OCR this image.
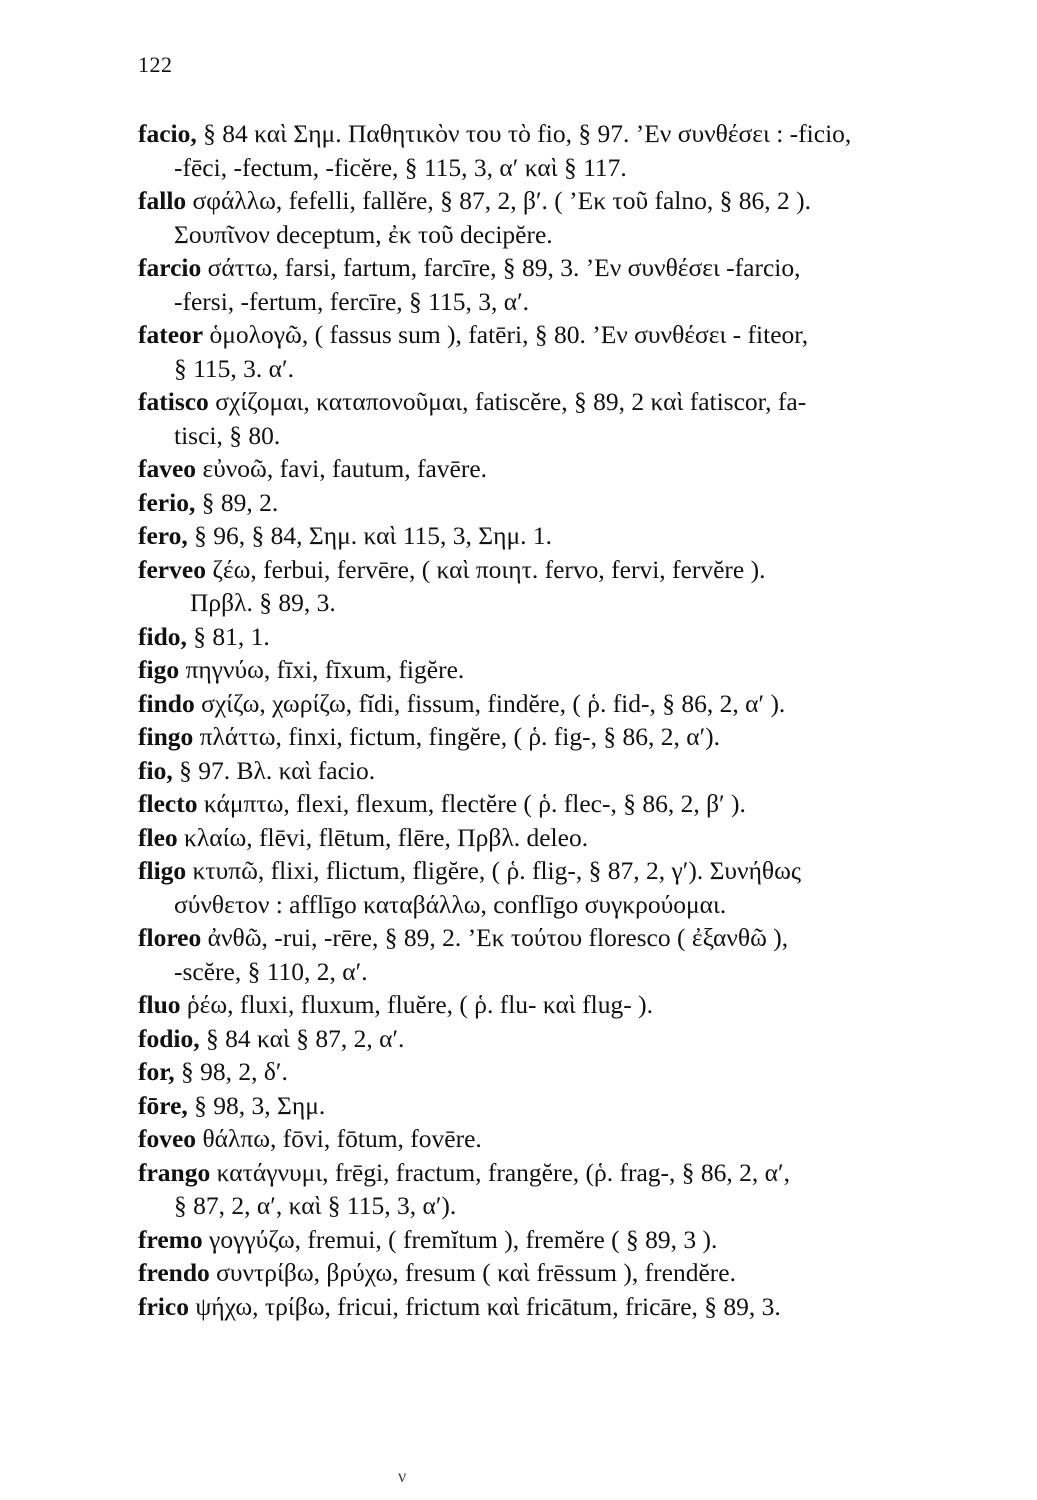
122
facio, § 84 καὶ Σημ. Παθητικὸν του τὸ fio, § 97. ’Εν συνθέσει : -ficio,
-fēci, -fectum, -ficĕre, § 115, 3, α′ καὶ § 117.
fallo σφάλλω, fefelli, fallĕre, § 87, 2, β′. ( ’Εκ τοῦ falno, § 86, 2 ).
Σουπῖνον deceptum, ἐκ τοῦ decipĕre.
farcio σάττω, farsi, fartum, farcīre, § 89, 3. ’Εν συνθέσει -farcio,
-fersi, -fertum, fercīre, § 115, 3, α′.
fateor ὁμολογῶ, ( fassus sum ), fatēri, § 80. ’Εν συνθέσει - fiteor,
§ 115, 3. α′.
fatisco σχίζομαι, καταπονοῦμαι, fatiscĕre, § 89, 2 καὶ fatiscor, fa-
tisci, § 80.
faveo εὐνοῶ, favi, fautum, favēre.
ferio, § 89, 2.
fero, § 96, § 84, Σημ. καὶ 115, 3, Σημ. 1.
ferveo ζέω, ferbui, fervēre, ( καὶ ποιητ. fervo, fervi, fervĕre ).
Πρβλ. § 89, 3.
fido, § 81, 1.
figo πηγνύω, fīxi, fīxum, figĕre.
findo σχίζω, χωρίζω, fĭdi, fissum, findĕre, ( ῥ. fid-, § 86, 2, α′ ).
fingo πλάττω, finxi, fictum, fingĕre, ( ῥ. fig-, § 86, 2, α′).
fio, § 97. Βλ. καὶ facio.
flecto κάμπτω, flexi, flexum, flectĕre ( ῥ. flec-, § 86, 2, β′ ).
fleo κλαίω, flēvi, flētum, flēre, Πρβλ. deleo.
fligo κτυπῶ, flixi, flictum, fligĕre, ( ῥ. flig-, § 87, 2, γ′). Συνήθως
σύνθετον : afflīgo καταβάλλω, conflīgo συγκρούομαι.
floreo ἀνθῶ, -rui, -rēre, § 89, 2. ’Εκ τούτου floresco ( ἐξανθῶ ),
-scĕre, § 110, 2, α′.
fluo ῥέω, fluxi, fluxum, fluĕre, ( ῥ. flu- καὶ flug- ).
fodio, § 84 καὶ § 87, 2, α′.
for, § 98, 2, δ′.
fōre, § 98, 3, Σημ.
foveo θάλπω, fōvi, fōtum, fovēre.
frango κατάγνυμι, frēgi, fractum, frangĕre, (ῥ. frag-, § 86, 2, α′,
§ 87, 2, α′, καὶ § 115, 3, α′).
fremo γογγύζω, fremui, ( fremĭtum ), fremĕre ( § 89, 3 ).
frendo συντρίβω, βρύχω, fresum ( καὶ frēssum ), frendĕre.
frico ψήχω, τρίβω, fricui, frictum καὶ fricātum, fricāre, § 89, 3.
ν
